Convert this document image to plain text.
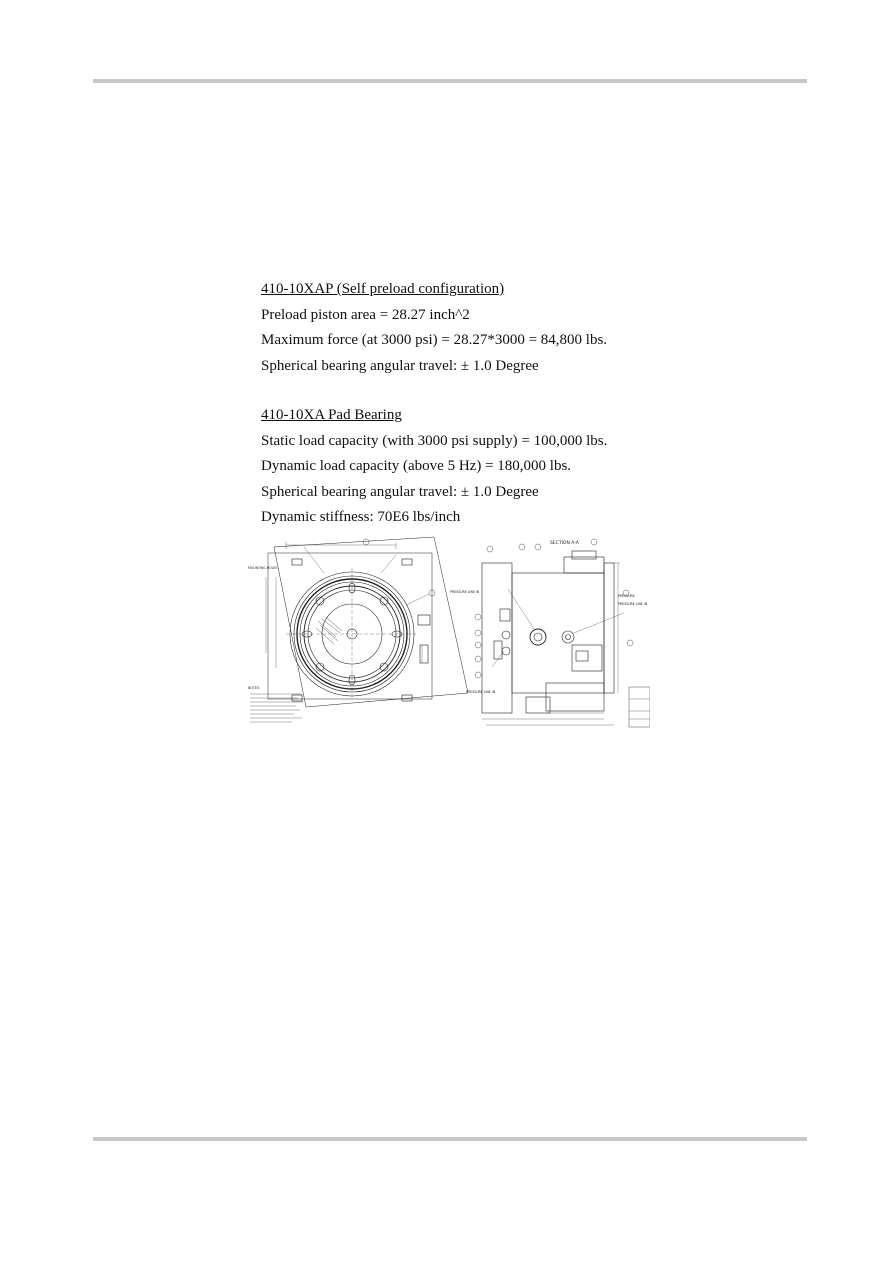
410-10XAP (Self preload configuration)
Preload piston area = 28.27 inch^2
Maximum force (at 3000 psi) = 28.27*3000 = 84,800 lbs.
Spherical bearing angular travel: ± 1.0 Degree
410-10XA Pad Bearing
Static load capacity (with 3000 psi supply) = 100,000 lbs.
Dynamic load capacity (above 5 Hz) = 180,000 lbs.
Spherical bearing angular travel: ± 1.0 Degree
Dynamic stiffness: 70E6 lbs/inch
SECTION A-A
MOUNTING HOLES
PRESSURE LINE IN
PRESSURE LINE IN
PRESSURE LINE IN
PRESSURE
NOTES:
